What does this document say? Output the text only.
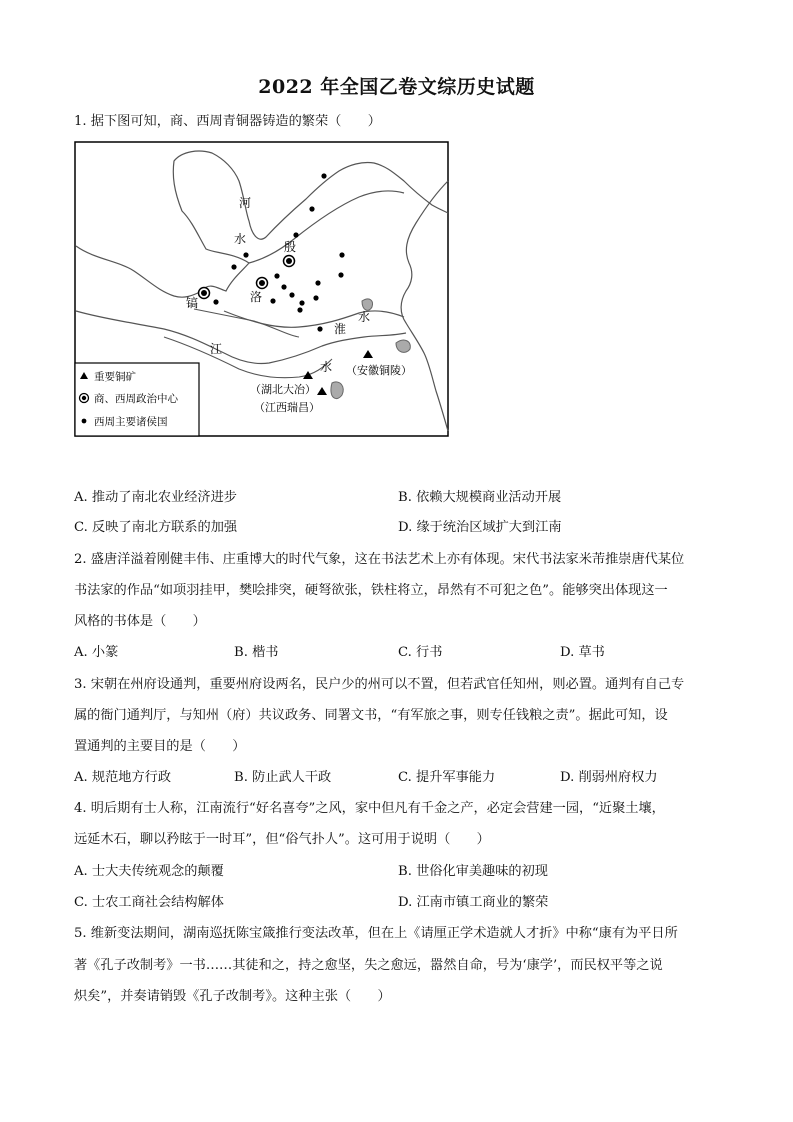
2022 年全国乙卷文综历史试题
1. 据下图可知，商、西周青铜器铸造的繁荣（　　）
河
水
殷
镐	洛
淮
水
江
水 （安徽铜陵）
（湖北大冶）
（江西瑞昌）
重要铜矿
商、西周政治中心
西周主要诸侯国
A. 推动了南北农业经济进步	B. 依赖大规模商业活动开展
C. 反映了南北方联系的加强	D. 缘于统治区域扩大到江南
2. 盛唐洋溢着刚健丰伟、庄重博大的时代气象，这在书法艺术上亦有体现。宋代书法家米芾推崇唐代某位
书法家的作品“如项羽挂甲，樊哙排突，硬弩欲张，铁柱将立，昂然有不可犯之色”。能够突出体现这一
风格的书体是（　　）
A. 小篆	B. 楷书	C. 行书	D. 草书
3. 宋朝在州府设通判，重要州府设两名，民户少的州可以不置，但若武官任知州，则必置。通判有自己专
属的衙门通判厅，与知州（府）共议政务、同署文书，“有军旅之事，则专任钱粮之责”。据此可知，设
置通判的主要目的是（　　）
A. 规范地方行政	B. 防止武人干政	C. 提升军事能力	D. 削弱州府权力
4. 明后期有士人称，江南流行“好名喜夸”之风，家中但凡有千金之产，必定会营建一园，“近聚土壤，
远延木石，聊以矜眩于一时耳”，但“俗气扑人”。这可用于说明（　　）
A. 士大夫传统观念的颠覆	B. 世俗化审美趣味的初现
C. 士农工商社会结构解体	D. 江南市镇工商业的繁荣
5. 维新变法期间，湖南巡抚陈宝箴推行变法改革，但在上《请厘正学术造就人才折》中称“康有为平日所
著《孔子改制考》一书……其徒和之，持之愈坚，失之愈远，嚣然自命，号为‘康学’，而民权平等之说
炽矣”，并奏请销毁《孔子改制考》。这种主张（　　）
